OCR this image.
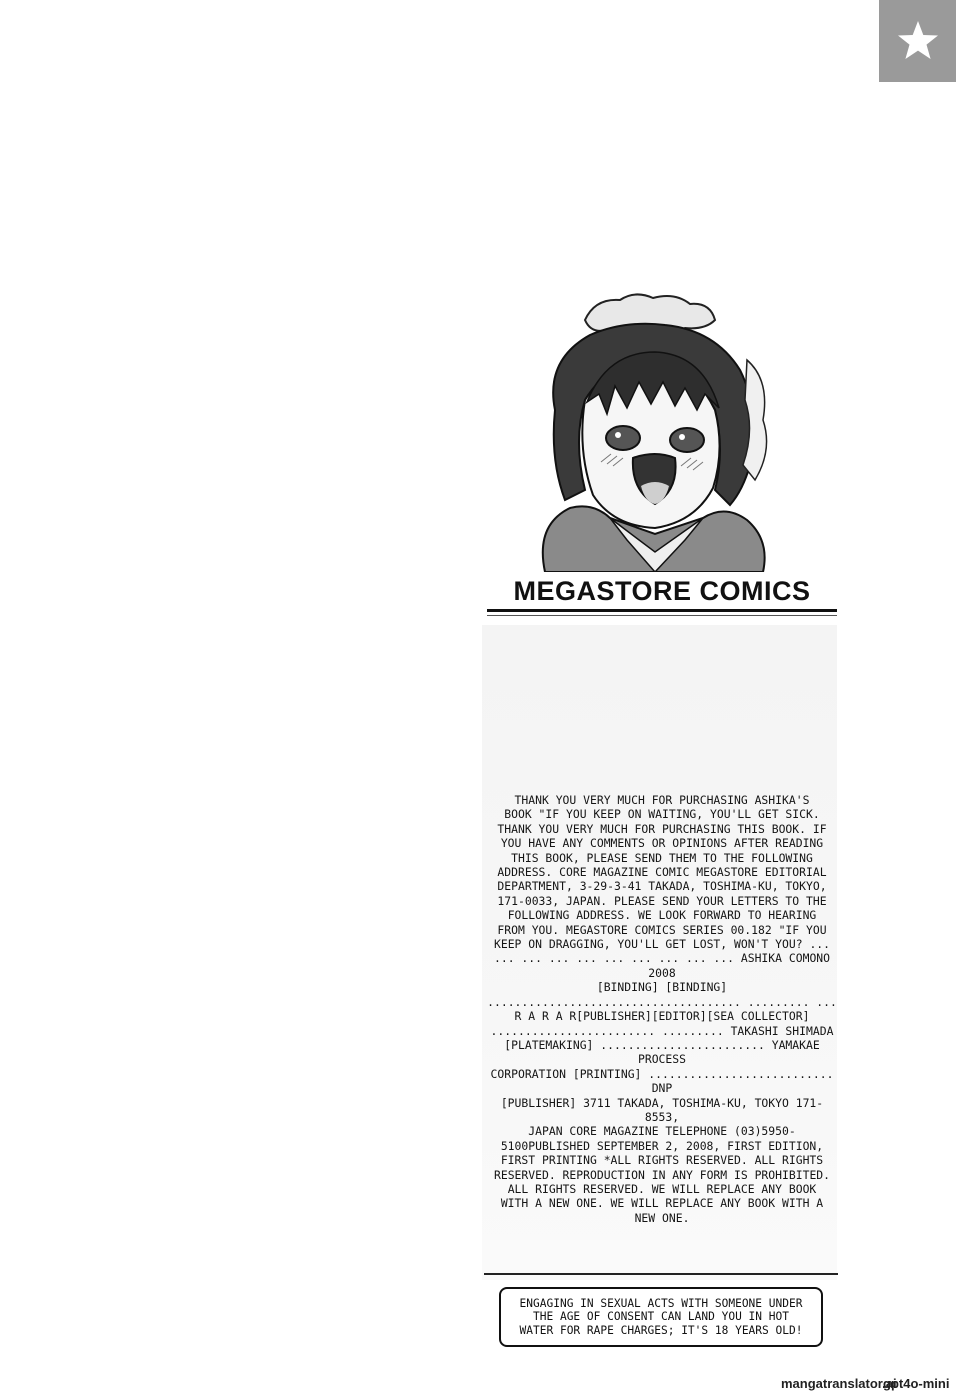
MEGASTORE COMICS
THANK YOU VERY MUCH FOR PURCHASING ASHIKA'S
BOOK "IF YOU KEEP ON WAITING, YOU'LL GET SICK.
THANK YOU VERY MUCH FOR PURCHASING THIS BOOK. IF
YOU HAVE ANY COMMENTS OR OPINIONS AFTER READING
THIS BOOK, PLEASE SEND THEM TO THE FOLLOWING
ADDRESS. CORE MAGAZINE COMIC MEGASTORE EDITORIAL
DEPARTMENT, 3-29-3-41 TAKADA, TOSHIMA-KU, TOKYO,
171-0033, JAPAN. PLEASE SEND YOUR LETTERS TO THE
FOLLOWING ADDRESS. WE LOOK FORWARD TO HEARING
FROM YOU. MEGASTORE COMICS SERIES 00.182 "IF YOU
KEEP ON DRAGGING, YOU'LL GET LOST, WON'T YOU? ...
... ... ... ... ... ... ... ... ... ASHIKA COMONO 2008
[BINDING] [BINDING] ..................................... ......... ...
R A R A R[PUBLISHER][EDITOR][SEA COLLECTOR]
........................ ......... TAKASHI SHIMADA
[PLATEMAKING] ........................ YAMAKAE PROCESS
CORPORATION [PRINTING] ........................... DNP
[PUBLISHER] 3711 TAKADA, TOSHIMA-KU, TOKYO 171-8553,
JAPAN CORE MAGAZINE TELEPHONE (03)5950-
5100PUBLISHED SEPTEMBER 2, 2008, FIRST EDITION,
FIRST PRINTING *ALL RIGHTS RESERVED. ALL RIGHTS
RESERVED. REPRODUCTION IN ANY FORM IS PROHIBITED.
ALL RIGHTS RESERVED. WE WILL REPLACE ANY BOOK
WITH A NEW ONE. WE WILL REPLACE ANY BOOK WITH A
NEW ONE.
ENGAGING IN SEXUAL ACTS WITH SOMEONE UNDER
THE AGE OF CONSENT CAN LAND YOU IN HOT
WATER FOR RAPE CHARGES; IT'S 18 YEARS OLD!
mangatranslator.ai
gpt4o-mini
